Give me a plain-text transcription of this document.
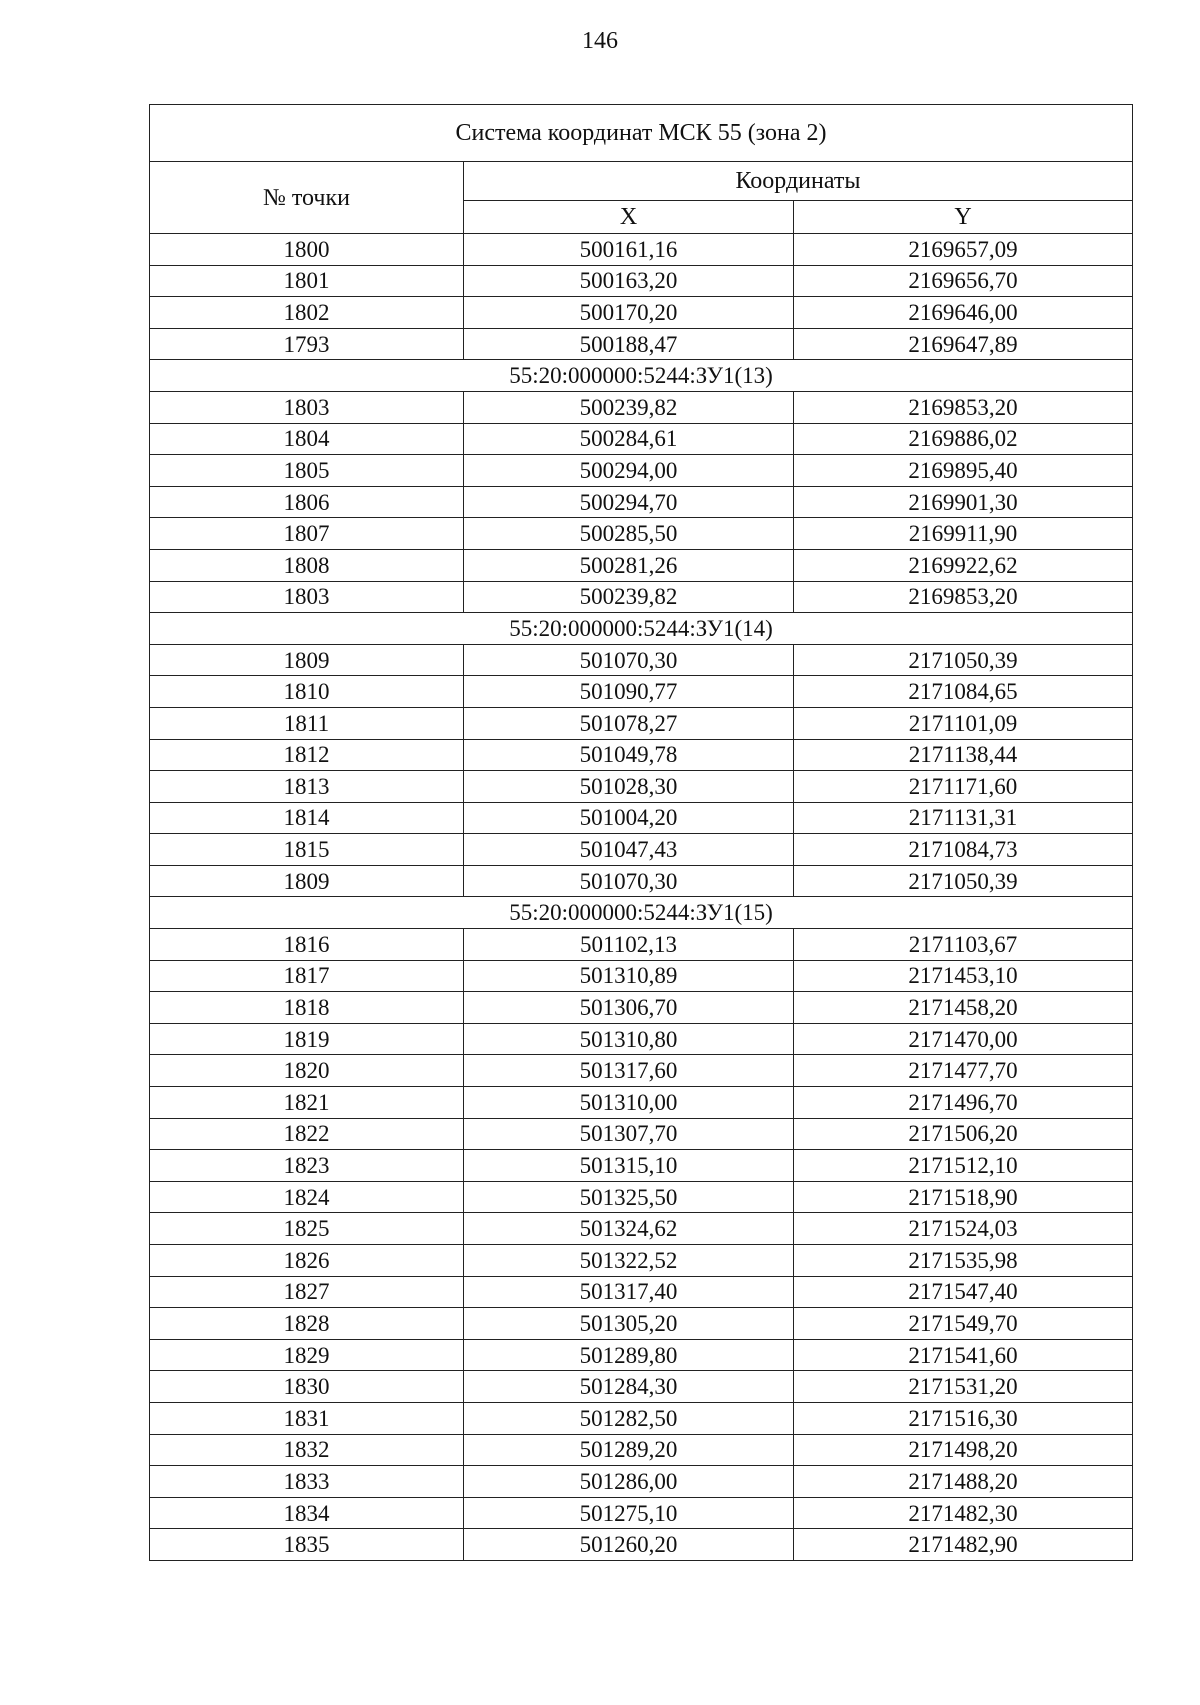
146
Система координат МСК 55 (зона 2)		
№ точки	Координаты	
	X	Y
1800	500161,16	2169657,09
1801	500163,20	2169656,70
1802	500170,20	2169646,00
1793	500188,47	2169647,89
55:20:000000:5244:ЗУ1(13)		
1803	500239,82	2169853,20
1804	500284,61	2169886,02
1805	500294,00	2169895,40
1806	500294,70	2169901,30
1807	500285,50	2169911,90
1808	500281,26	2169922,62
1803	500239,82	2169853,20
55:20:000000:5244:ЗУ1(14)		
1809	501070,30	2171050,39
1810	501090,77	2171084,65
1811	501078,27	2171101,09
1812	501049,78	2171138,44
1813	501028,30	2171171,60
1814	501004,20	2171131,31
1815	501047,43	2171084,73
1809	501070,30	2171050,39
55:20:000000:5244:ЗУ1(15)		
1816	501102,13	2171103,67
1817	501310,89	2171453,10
1818	501306,70	2171458,20
1819	501310,80	2171470,00
1820	501317,60	2171477,70
1821	501310,00	2171496,70
1822	501307,70	2171506,20
1823	501315,10	2171512,10
1824	501325,50	2171518,90
1825	501324,62	2171524,03
1826	501322,52	2171535,98
1827	501317,40	2171547,40
1828	501305,20	2171549,70
1829	501289,80	2171541,60
1830	501284,30	2171531,20
1831	501282,50	2171516,30
1832	501289,20	2171498,20
1833	501286,00	2171488,20
1834	501275,10	2171482,30
1835	501260,20	2171482,90
